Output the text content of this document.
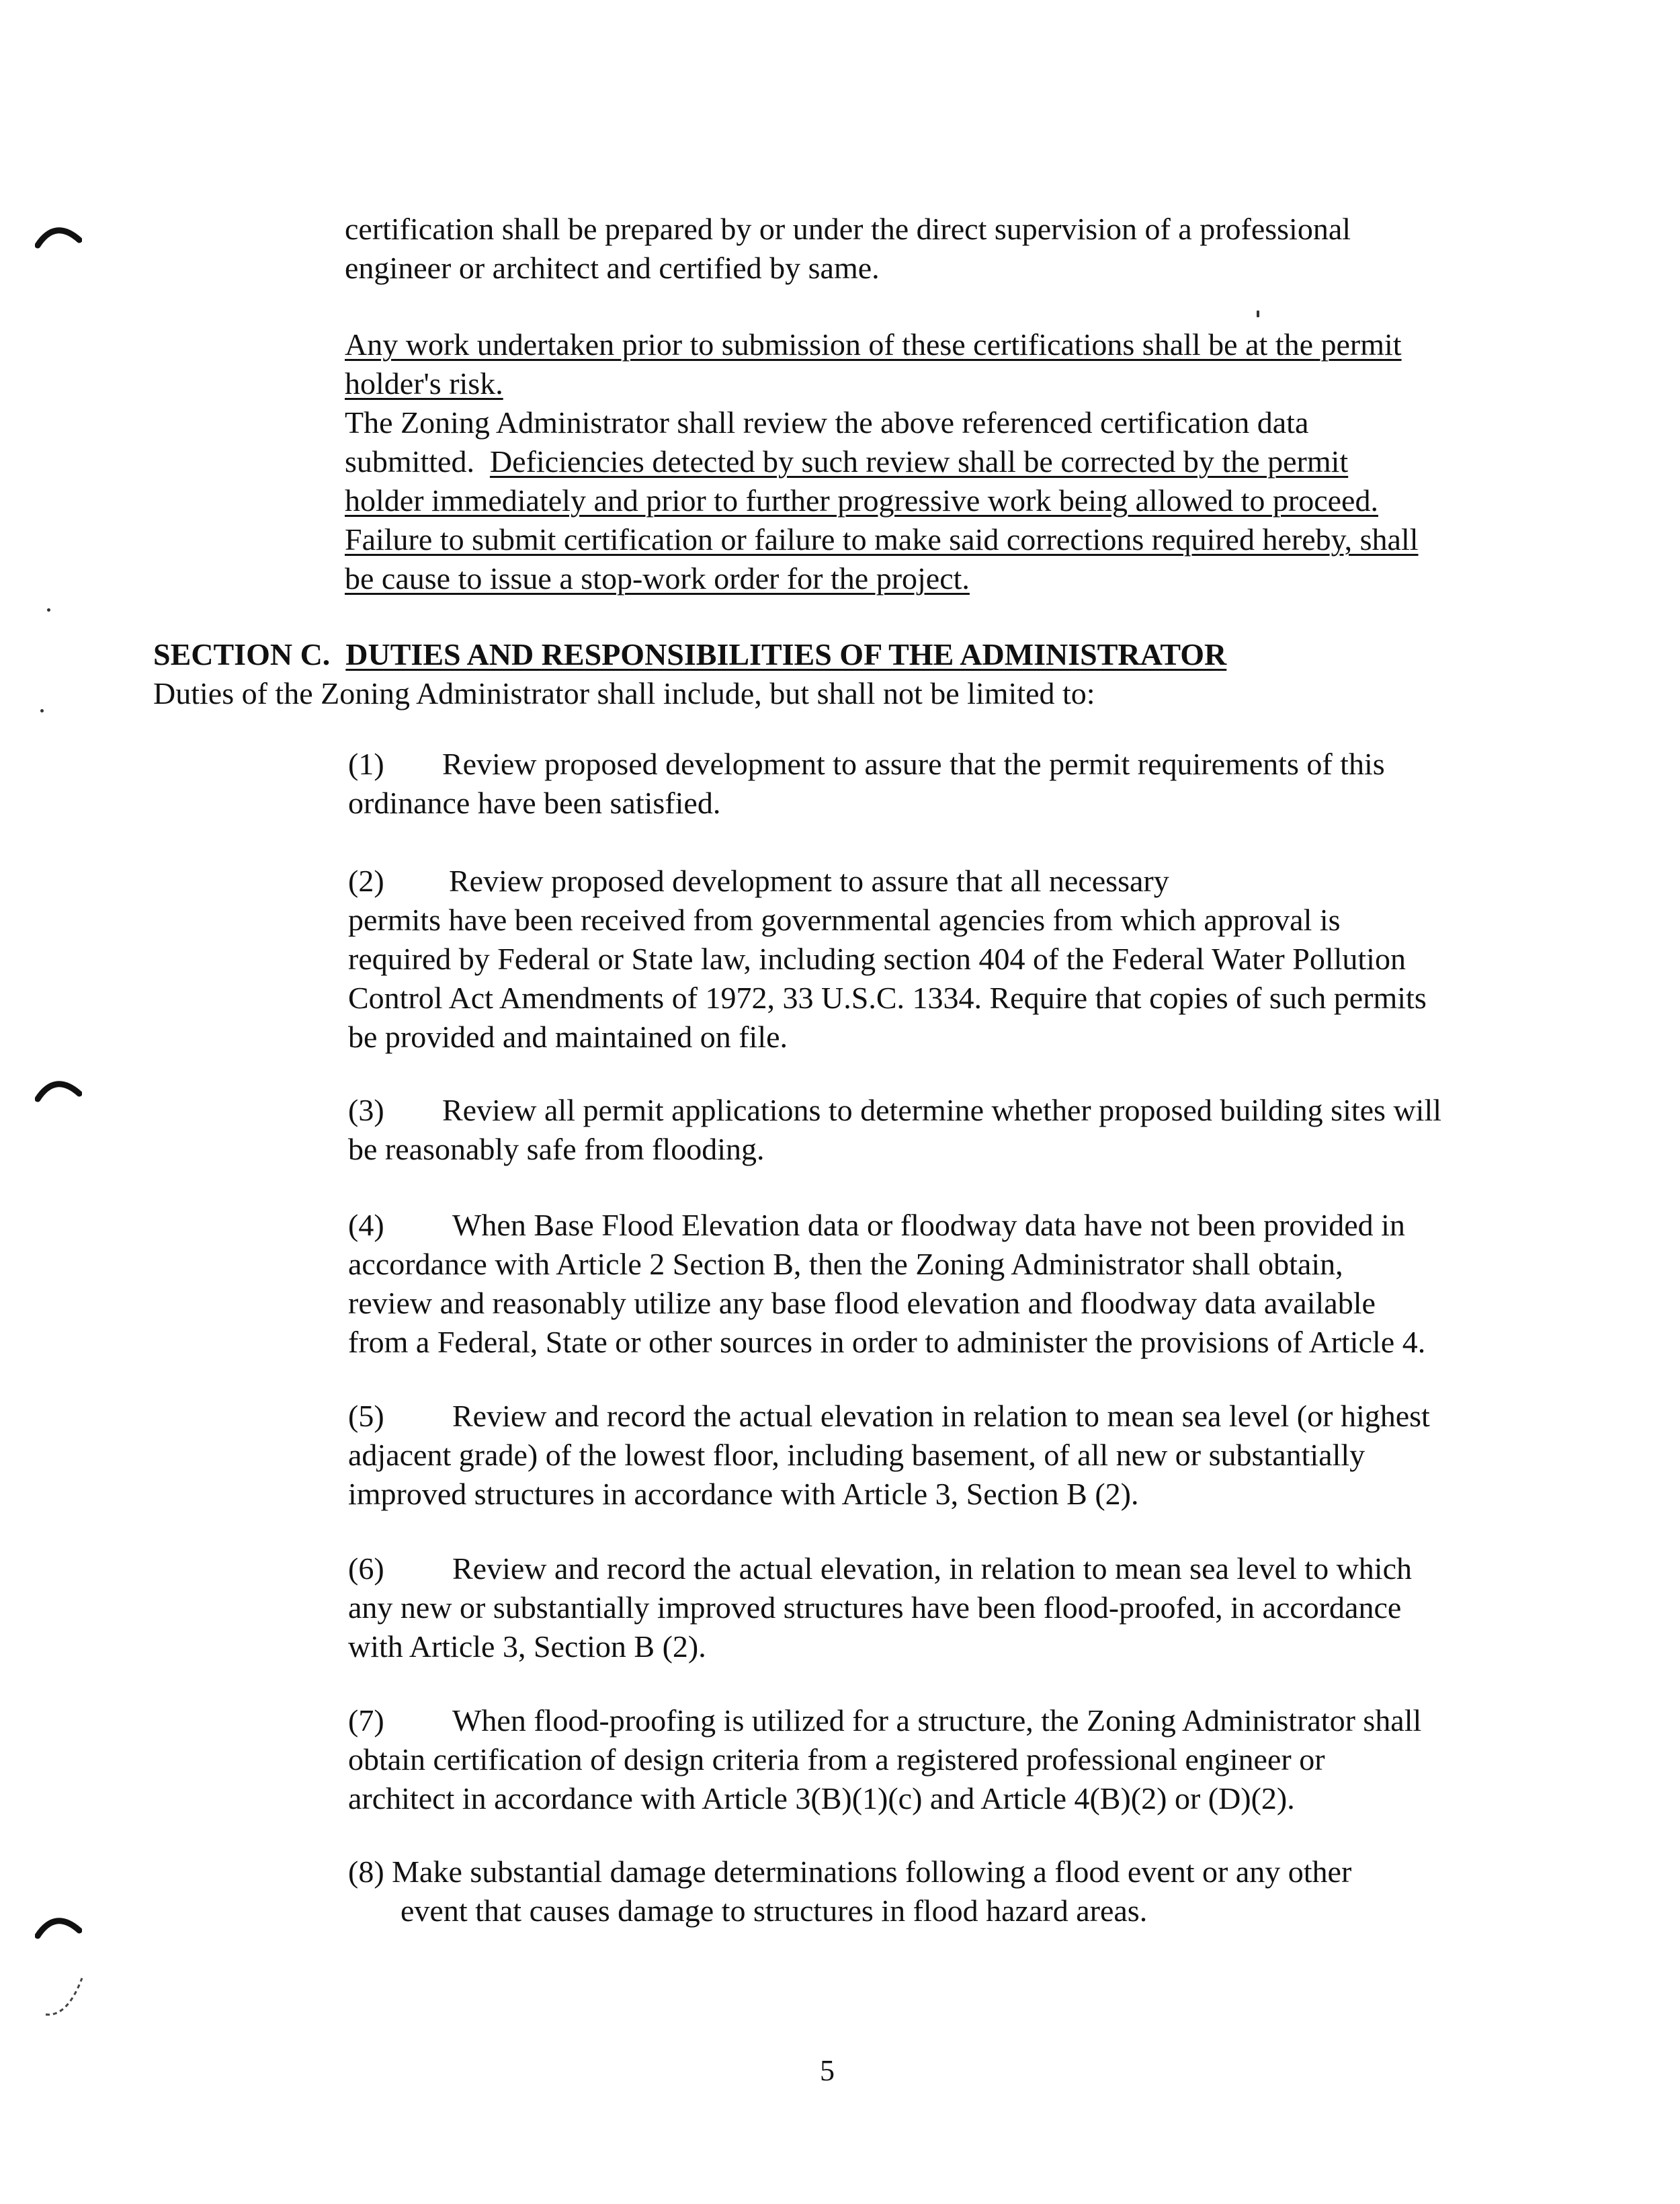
certification shall be prepared by or under the direct supervision of a professional
engineer or architect and certified by same.
Any work undertaken prior to submission of these certifications shall be at the permit
holder's risk.
The Zoning Administrator shall review the above referenced certification data
submitted.  Deficiencies detected by such review shall be corrected by the permit
holder immediately and prior to further progressive work being allowed to proceed.
Failure to submit certification or failure to make said corrections required hereby, shall
be cause to issue a stop-work order for the project.
SECTION C. DUTIES AND RESPONSIBILITIES OF THE ADMINISTRATOR
Duties of the Zoning Administrator shall include, but shall not be limited to:
(1) Review proposed development to assure that the permit requirements of this
ordinance have been satisfied.
(2) Review proposed development to assure that all necessary
permits have been received from governmental agencies from which approval is
required by Federal or State law, including section 404 of the Federal Water Pollution
Control Act Amendments of 1972, 33 U.S.C. 1334. Require that copies of such permits
be provided and maintained on file.
(3) Review all permit applications to determine whether proposed building sites will
be reasonably safe from flooding.
(4) When Base Flood Elevation data or floodway data have not been provided in
accordance with Article 2 Section B, then the Zoning Administrator shall obtain,
review and reasonably utilize any base flood elevation and floodway data available
from a Federal, State or other sources in order to administer the provisions of Article 4.
(5) Review and record the actual elevation in relation to mean sea level (or highest
adjacent grade) of the lowest floor, including basement, of all new or substantially
improved structures in accordance with Article 3, Section B (2).
(6) Review and record the actual elevation, in relation to mean sea level to which
any new or substantially improved structures have been flood-proofed, in accordance
with Article 3, Section B (2).
(7) When flood-proofing is utilized for a structure, the Zoning Administrator shall
obtain certification of design criteria from a registered professional engineer or
architect in accordance with Article 3(B)(1)(c) and Article 4(B)(2) or (D)(2).
(8) Make substantial damage determinations following a flood event or any other
event that causes damage to structures in flood hazard areas.
5
